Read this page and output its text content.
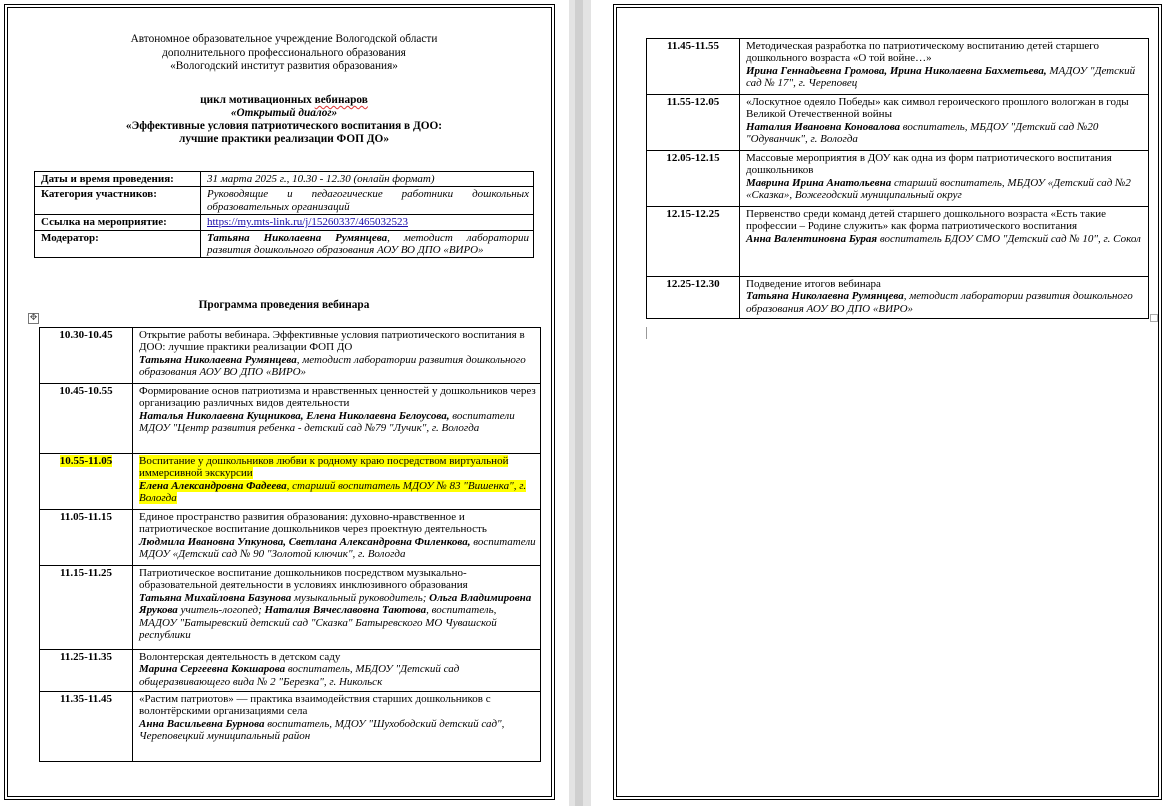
Автономное образовательное учреждение Вологодской области
дополнительного профессионального образования
«Вологодский институт развития образования»
цикл мотивационных вебинаров
«Открытый диалог»
«Эффективные условия патриотического воспитания в ДОО:
лучшие практики реализации ФОП ДО»
Даты и время проведения:	31 марта 2025 г., 10.30 - 12.30 (онлайн формат)
Категория участников:	Руководящие и педагогические работники дошкольных образовательных организаций
Ссылка на мероприятие:	https://my.mts-link.ru/j/15260337/465032523
Модератор:	Татьяна Николаевна Румянцева, методист лаборатории развития дошкольного образования АОУ ВО ДПО «ВИРО»
Программа проведения вебинара
✥
10.30-10.45	Открытие работы вебинара. Эффективные условия патриотического воспитания в ДОО: лучшие практики реализации ФОП ДО
Татьяна Николаевна Румянцева, методист лаборатории развития дошкольного образования АОУ ВО ДПО «ВИРО»
10.45-10.55	Формирование основ патриотизма и нравственных ценностей у дошкольников через организацию различных видов деятельности
Наталья Николаевна Кущникова, Елена Николаевна Белоусова, воспитатели МДОУ "Центр развития ребенка - детский сад №79 "Лучик", г. Вологда
10.55-11.05	Воспитание у дошкольников любви к родному краю посредством виртуальной иммерсивной экскурсии
Елена Александровна Фадеева, старший воспитатель МДОУ № 83 "Вишенка", г. Вологда
11.05-11.15	Единое пространство развития образования: духовно-нравственное и патриотическое воспитание дошкольников через проектную деятельность
Людмила Ивановна Упкунова, Светлана Александровна Филенкова, воспитатели МДОУ «Детский сад № 90 "Золотой ключик", г. Вологда
11.15-11.25	Патриотическое воспитание дошкольников посредством музыкально-образовательной деятельности в условиях инклюзивного образования
Татьяна Михайловна Базунова музыкальный руководитель; Ольга Владимировна Ярукова учитель-логопед; Наталия Вячеславовна Таютова, воспитатель, МАДОУ "Батыревский детский сад "Сказка" Батыревского МО Чувашской республики
11.25-11.35	Волонтерская деятельность в детском саду
Марина Сергеевна Кокшарова воспитатель, МБДОУ "Детский сад общеразвивающего вида № 2 "Березка", г. Никольск
11.35-11.45	«Растим патриотов» — практика взаимодействия старших дошкольников с волонтёрскими организациями села
Анна Васильевна Бурнова воспитатель, МДОУ "Шухободский детский сад", Череповецкий муниципальный район
11.45-11.55	Методическая разработка по патриотическому воспитанию детей старшего дошкольного возраста «О той войне…»
Ирина Геннадьевна Громова, Ирина Николаевна Бахметьева, МАДОУ "Детский сад № 17", г. Череповец
11.55-12.05	«Лоскутное одеяло Победы» как символ героического прошлого вологжан в годы Великой Отечественной войны
Наталия Ивановна Коновалова воспитатель, МБДОУ "Детский сад №20 "Одуванчик", г. Вологда
12.05-12.15	Массовые мероприятия в ДОУ как одна из форм патриотического воспитания дошкольников
Маврина Ирина Анатольевна старший воспитатель, МБДОУ «Детский сад №2 «Сказка», Вожегодский муниципальный округ
12.15-12.25	Первенство среди команд детей старшего дошкольного возраста «Есть такие профессии – Родине служить» как форма патриотического воспитания
Анна Валентиновна Бурая воспитатель БДОУ СМО "Детский сад № 10", г. Сокол
12.25-12.30	Подведение итогов вебинара
Татьяна Николаевна Румянцева, методист лаборатории развития дошкольного образования АОУ ВО ДПО «ВИРО»
